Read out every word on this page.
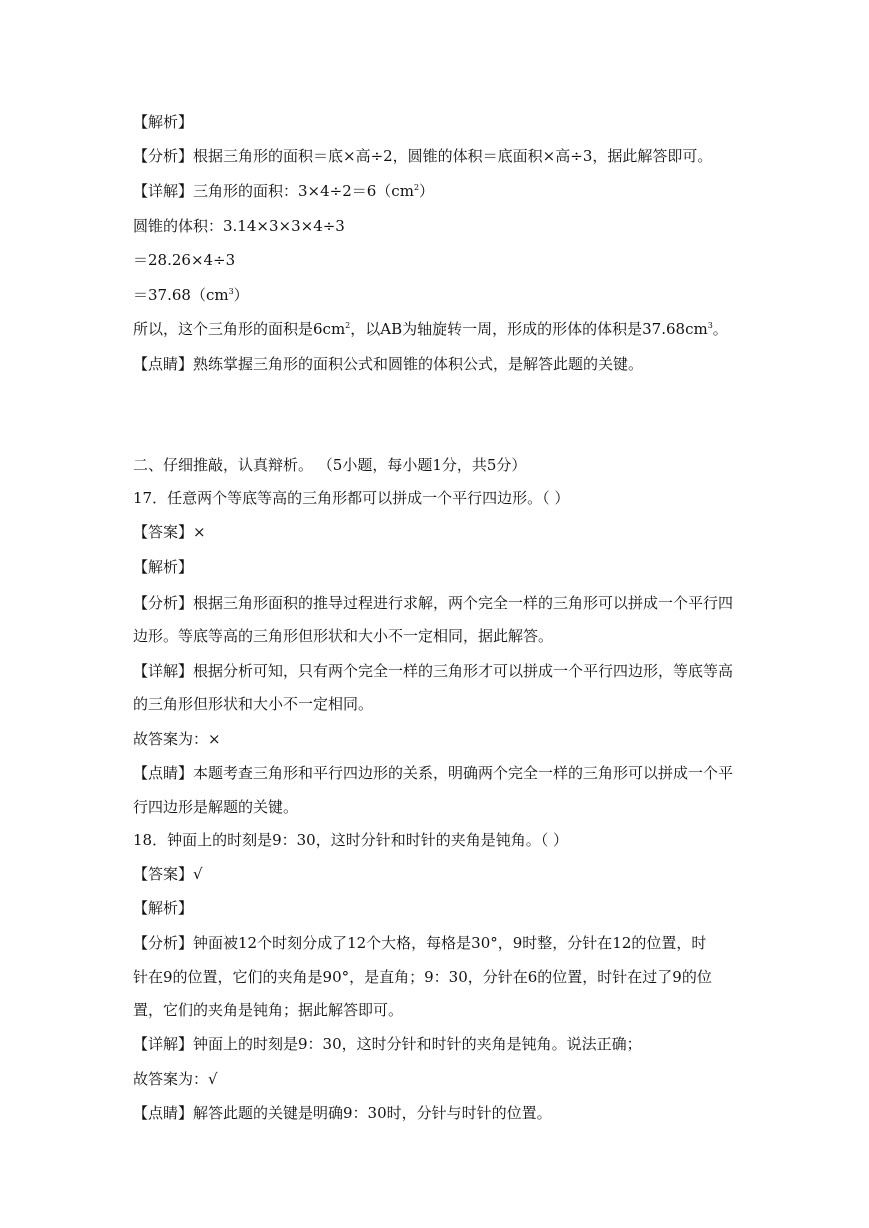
【解析】
【分析】根据三角形的面积＝底×高÷2，圆锥的体积＝底面积×高÷3，据此解答即可。
【详解】三角形的面积：$3\times 4\div 2=6(cm^2)$
圆锥的体积：3.14×3×3×4÷3
＝28.26×4÷3
$=37.68(cm^3)$
所以，这个三角形的面积是$6cm^2$，以AB为轴旋转一周，形成的形体的体积是$37.68cm^3$。
【点睛】熟练掌握三角形的面积公式和圆锥的体积公式，是解答此题的关键。
二、仔细推敲，认真辩析。 （5小题，每小题1分，共5分）
17．任意两个等底等高的三角形都可以拼成一个平行四边形。（ ）
【答案】×
【解析】
【分析】根据三角形面积的推导过程进行求解，两个完全一样的三角形可以拼成一个平行四
边形。等底等高的三角形但形状和大小不一定相同，据此解答。
【详解】根据分析可知，只有两个完全一样的三角形才可以拼成一个平行四边形，等底等高
的三角形但形状和大小不一定相同。
故答案为：×
【点睛】本题考查三角形和平行四边形的关系，明确两个完全一样的三角形可以拼成一个平
行四边形是解题的关键。
18．钟面上的时刻是9：30，这时分针和时针的夹角是钝角。（ ）
【答案】√
【解析】
【分析】钟面被12个时刻分成了12个大格，每格是30°，9时整，分针在12的位置，时
针在9的位置，它们的夹角是90°，是直角；9：30，分针在6的位置，时针在过了9的位
置，它们的夹角是钝角；据此解答即可。
【详解】钟面上的时刻是9：30，这时分针和时针的夹角是钝角。说法正确；
故答案为：√
【点睛】解答此题的关键是明确9：30时，分针与时针的位置。
